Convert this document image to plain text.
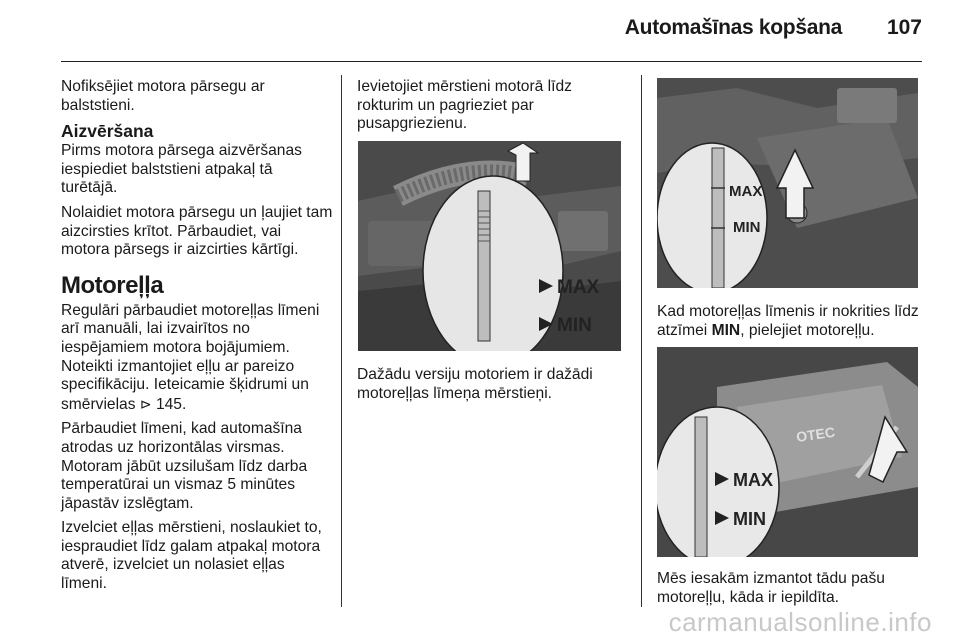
Automašīnas kopšana 107

Nofiksējiet motora pārsegu ar balststieni.

Aizvēršana

Pirms motora pārsega aizvēršanas iespiediet balststieni atpakaļ tā turētājā.

Nolaidiet motora pārsegu un ļaujiet tam aizcirsties krītot. Pārbaudiet, vai motora pārsegs ir aizcirties kārtīgi.

Motoreļļa

Regulāri pārbaudiet motoreļļas līmeni arī manuāli, lai izvairītos no iespējamiem motora bojājumiem. Noteikti izmantojiet eļļu ar pareizo specifikāciju. Ieteicamie šķidrumi un smērvielas ⊳ 145.

Pārbaudiet līmeni, kad automašīna atrodas uz horizontālas virsmas. Motoram jābūt uzsilušam līdz darba temperatūrai un vismaz 5 minūtes jāpastāv izslēgtam.

Izvelciet eļļas mērstieni, noslaukiet to, iespraudiet līdz galam atpakaļ motora atverē, izvelciet un nolasiet eļļas līmeni.

Ievietojiet mērstieni motorā līdz rokturim un pagrieziet par pusapgriezienu.

MAX
MIN
Dažādu versiju motoriem ir dažādi motoreļļas līmeņa mērstieņi.
MAX
MIN
Kad motoreļļas līmenis ir nokrities līdz atzīmei MIN, pielejiet motoreļļu.
OTEC
MAX
MIN
Mēs iesakām izmantot tādu pašu motoreļļu, kāda ir iepildīta.
carmanualsonline.info
